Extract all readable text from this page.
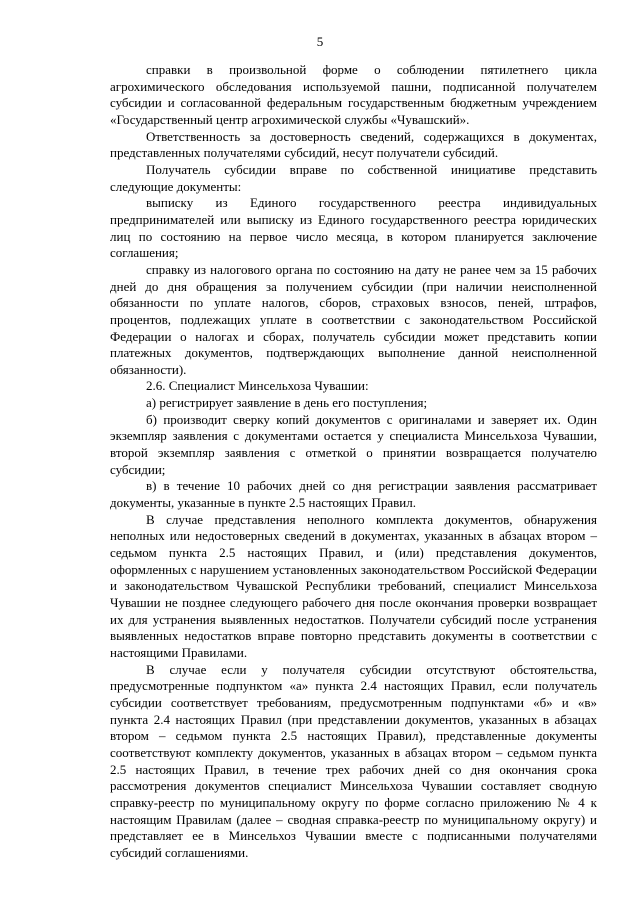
5

справки в произвольной форме о соблюдении пятилетнего цикла агрохимического обследования используемой пашни, подписанной получателем субсидии и согласованной федеральным государственным бюджетным учреждением «Государственный центр агрохимической службы «Чувашский».

Ответственность за достоверность сведений, содержащихся в документах, представленных получателями субсидий, несут получатели субсидий.

Получатель субсидии вправе по собственной инициативе представить следующие документы:

выписку из Единого государственного реестра индивидуальных предпринимателей или выписку из Единого государственного реестра юридических лиц по состоянию на первое число месяца, в котором планируется заключение соглашения;

справку из налогового органа по состоянию на дату не ранее чем за 15 рабочих дней до дня обращения за получением субсидии (при наличии неисполненной обязанности по уплате налогов, сборов, страховых взносов, пеней, штрафов, процентов, подлежащих уплате в соответствии с законодательством Российской Федерации о налогах и сборах, получатель субсидии может представить копии платежных документов, подтверждающих выполнение данной неисполненной обязанности).

2.6. Специалист Минсельхоза Чувашии:

а) регистрирует заявление в день его поступления;

б) производит сверку копий документов с оригиналами и заверяет их. Один экземпляр заявления с документами остается у специалиста Минсельхоза Чувашии, второй экземпляр заявления с отметкой о принятии возвращается получателю субсидии;

в) в течение 10 рабочих дней со дня регистрации заявления рассматривает документы, указанные в пункте 2.5 настоящих Правил.

В случае представления неполного комплекта документов, обнаружения неполных или недостоверных сведений в документах, указанных в абзацах втором – седьмом пункта 2.5 настоящих Правил, и (или) представления документов, оформленных с нарушением установленных законодательством Российской Федерации и законодательством Чувашской Республики требований, специалист Минсельхоза Чувашии не позднее следующего рабочего дня после окончания проверки возвращает их для устранения выявленных недостатков. Получатели субсидий после устранения выявленных недостатков вправе повторно представить документы в соответствии с настоящими Правилами.

В случае если у получателя субсидии отсутствуют обстоятельства, предусмотренные подпунктом «а» пункта 2.4 настоящих Правил, если получатель субсидии соответствует требованиям, предусмотренным подпунктами «б» и «в» пункта 2.4 настоящих Правил (при представлении документов, указанных в абзацах втором – седьмом пункта 2.5 настоящих Правил), представленные документы соответствуют комплекту документов, указанных в абзацах втором – седьмом пункта 2.5 настоящих Правил, в течение трех рабочих дней со дня окончания срока рассмотрения документов специалист Минсельхоза Чувашии составляет сводную справку-реестр по муниципальному округу по форме согласно приложению № 4 к настоящим Правилам (далее – сводная справка-реестр по муниципальному округу) и представляет ее в Минсельхоз Чувашии вместе с подписанными получателями субсидий соглашениями.
